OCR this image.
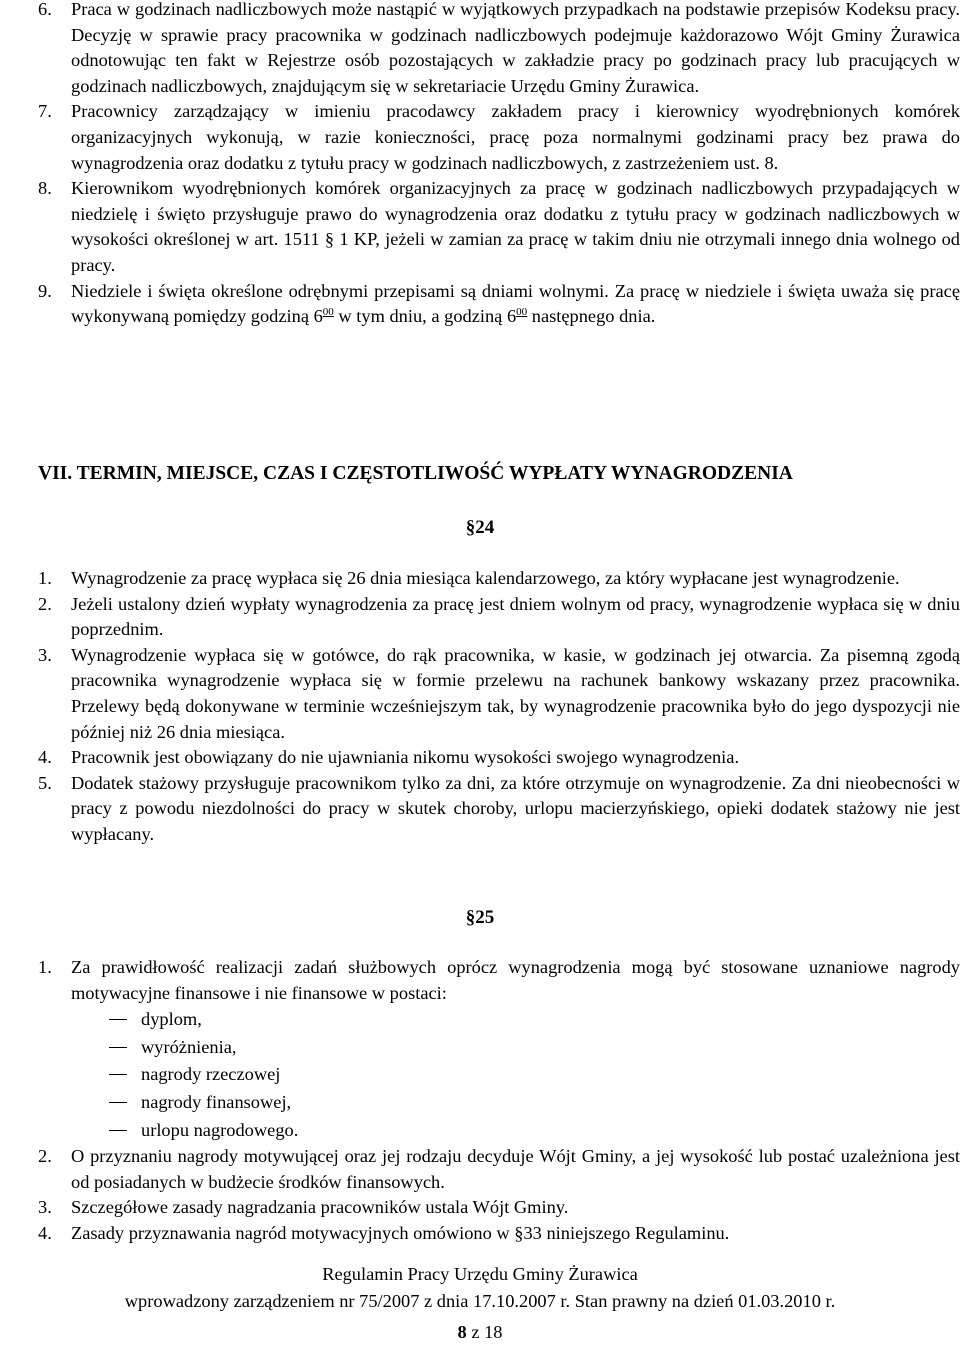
6. Praca w godzinach nadliczbowych może nastąpić w wyjątkowych przypadkach na podstawie przepisów Kodeksu pracy. Decyzję w sprawie pracy pracownika w godzinach nadliczbowych podejmuje każdorazowo Wójt Gminy Żurawica odnotowując ten fakt w Rejestrze osób pozostających w zakładzie pracy po godzinach pracy lub pracujących w godzinach nadliczbowych, znajdującym się w sekretariacie Urzędu Gminy Żurawica.
7. Pracownicy zarządzający w imieniu pracodawcy zakładem pracy i kierownicy wyodrębnionych komórek organizacyjnych wykonują, w razie konieczności, pracę poza normalnymi godzinami pracy bez prawa do wynagrodzenia oraz dodatku z tytułu pracy w godzinach nadliczbowych, z zastrzeżeniem ust. 8.
8. Kierownikom wyodrębnionych komórek organizacyjnych za pracę w godzinach nadliczbowych przypadających w niedzielę i święto przysługuje prawo do wynagrodzenia oraz dodatku z tytułu pracy w godzinach nadliczbowych w wysokości określonej w art. 1511 § 1 KP, jeżeli w zamian za pracę w takim dniu nie otrzymali innego dnia wolnego od pracy.
9. Niedziele i święta określone odrębnymi przepisami są dniami wolnymi. Za pracę w niedziele i święta uważa się pracę wykonywaną pomiędzy godziną $6^{00}$ w tym dniu, a godziną $6^{00}$ następnego dnia.
VII. TERMIN, MIEJSCE, CZAS I CZĘSTOTLIWOŚĆ WYPŁATY WYNAGRODZENIA

§24

1. Wynagrodzenie za pracę wypłaca się 26 dnia miesiąca kalendarzowego, za który wypłacane jest wynagrodzenie.
2. Jeżeli ustalony dzień wypłaty wynagrodzenia za pracę jest dniem wolnym od pracy, wynagrodzenie wypłaca się w dniu poprzednim.
3. Wynagrodzenie wypłaca się w gotówce, do rąk pracownika, w kasie, w godzinach jej otwarcia. Za pisemną zgodą pracownika wynagrodzenie wypłaca się w formie przelewu na rachunek bankowy wskazany przez pracownika. Przelewy będą dokonywane w terminie wcześniejszym tak, by wynagrodzenie pracownika było do jego dyspozycji nie później niż 26 dnia miesiąca.
4. Pracownik jest obowiązany do nie ujawniania nikomu wysokości swojego wynagrodzenia.
5. Dodatek stażowy przysługuje pracownikom tylko za dni, za które otrzymuje on wynagrodzenie. Za dni nieobecności w pracy z powodu niezdolności do pracy w skutek choroby, urlopu macierzyńskiego, opieki dodatek stażowy nie jest wypłacany.

§25

1. Za prawidłowość realizacji zadań służbowych oprócz wynagrodzenia mogą być stosowane uznaniowe nagrody motywacyjne finansowe i nie finansowe w postaci:
dyplom,
wyróżnienia,
nagrody rzeczowej
nagrody finansowej,
urlopu nagrodowego.
2. O przyznaniu nagrody motywującej oraz jej rodzaju decyduje Wójt Gminy, a jej wysokość lub postać uzależniona jest od posiadanych w budżecie środków finansowych.
3. Szczegółowe zasady nagradzania pracowników ustala Wójt Gminy.
4. Zasady przyznawania nagród motywacyjnych omówiono w §33 niniejszego Regulaminu.
Regulamin Pracy Urzędu Gminy Żurawica
wprowadzony zarządzeniem nr 75/2007 z dnia 17.10.2007 r. Stan prawny na dzień 01.03.2010 r.
8 z 18
